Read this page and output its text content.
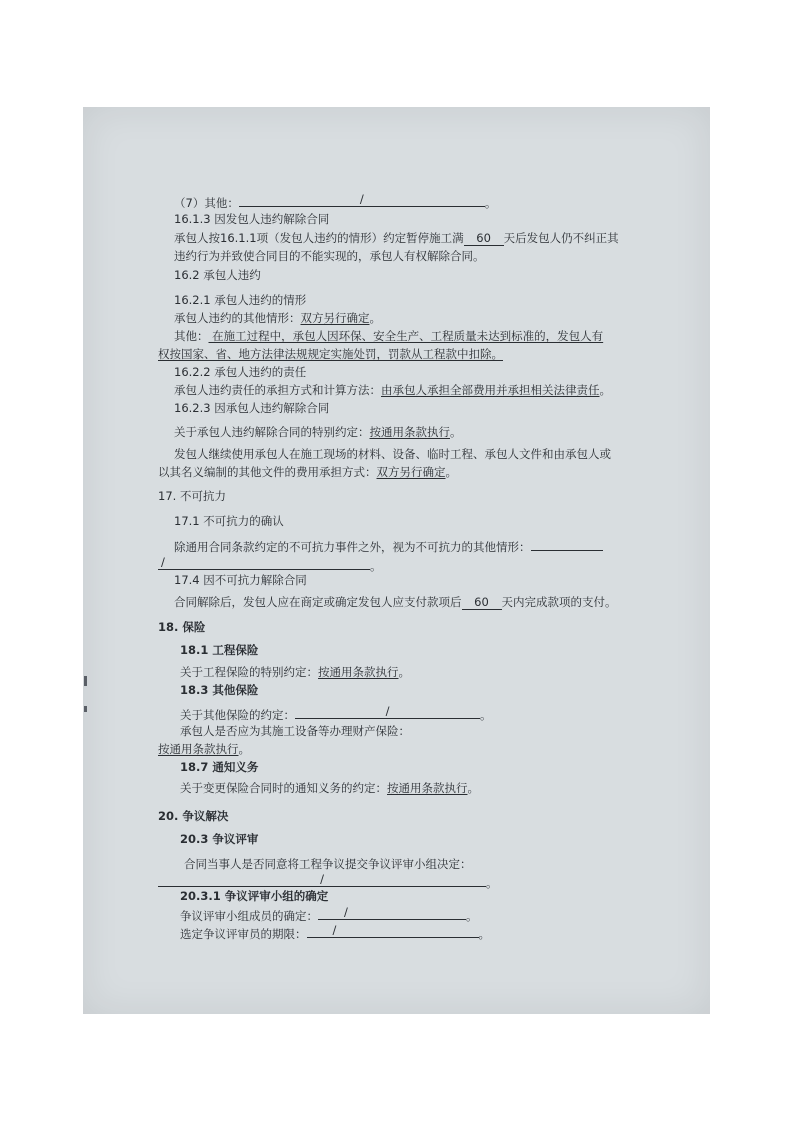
（7）其他：	/	。
16.1.3 因发包人违约解除合同
承包人按16.1.1项（发包人违约的情形）约定暂停施工满 60 天后发包人仍不纠正其
违约行为并致使合同目的不能实现的，承包人有权解除合同。
16.2 承包人违约
16.2.1 承包人违约的情形
承包人违约的其他情形：双方另行确定。
其他： 在施工过程中，承包人因环保、安全生产、工程质量未达到标准的，发包人有
权按国家、省、地方法律法规规定实施处罚，罚款从工程款中扣除。
16.2.2 承包人违约的责任
承包人违约责任的承担方式和计算方法：由承包人承担全部费用并承担相关法律责任。
16.2.3 因承包人违约解除合同
关于承包人违约解除合同的特别约定：按通用条款执行。
发包人继续使用承包人在施工现场的材料、设备、临时工程、承包人文件和由承包人或
以其名义编制的其他文件的费用承担方式：双方另行确定。
17. 不可抗力
17.1 不可抗力的确认
除通用合同条款约定的不可抗力事件之外，视为不可抗力的其他情形：
/	。
17.4 因不可抗力解除合同
合同解除后，发包人应在商定或确定发包人应支付款项后 60 天内完成款项的支付。
18. 保险
18.1 工程保险
关于工程保险的特别约定：按通用条款执行。
18.3 其他保险
关于其他保险的约定：	/	。
承包人是否应为其施工设备等办理财产保险：
按通用条款执行。
18.7 通知义务
关于变更保险合同时的通知义务的约定：按通用条款执行。
20. 争议解决
20.3 争议评审
合同当事人是否同意将工程争议提交争议评审小组决定：
/	。
20.3.1 争议评审小组的确定
争议评审小组成员的确定： /	。
选定争议评审员的期限： /	。
